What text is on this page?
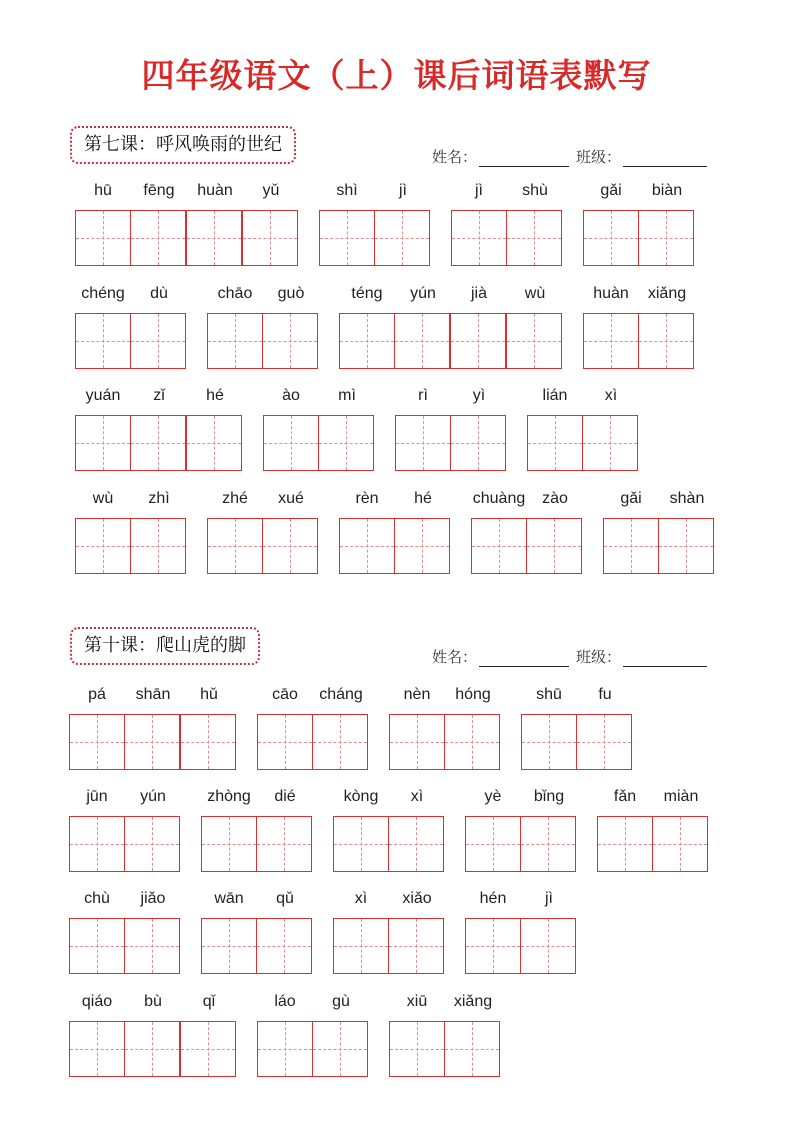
四年级语文（上）课后词语表默写
第七课：呼风唤雨的世纪
姓名：	班级：
hū	fēng	huàn	yǔ	shì	jì	jì	shù	gǎi	biàn
chéng	dù	chāo	guò	téng	yún	jià	wù	huàn	xiǎng
yuán	zǐ	hé	ào	mì	rì	yì	lián	xì
wù	zhì	zhé	xué	rèn	hé	chuàng	zào	gǎi	shàn
第十课：爬山虎的脚
姓名：	班级：
pá	shān	hǔ	cāo	cháng	nèn	hóng	shū	fu
jūn	yún	zhòng	dié	kòng	xì	yè	bǐng	fǎn	miàn
chù	jiǎo	wān	qǔ	xì	xiǎo	hén	jì
qiáo	bù	qǐ	láo	gù	xiū	xiǎng
